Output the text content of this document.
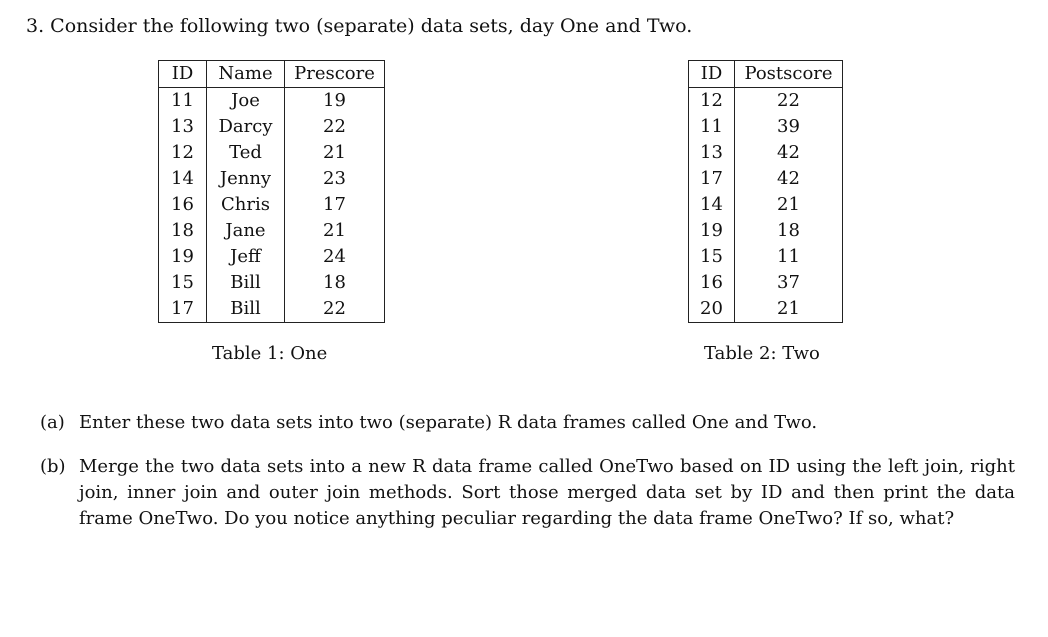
3. Consider the following two (separate) data sets, day One and Two.
ID	Name	Prescore
11	Joe	19
13	Darcy	22
12	Ted	21
14	Jenny	23
16	Chris	17
18	Jane	21
19	Jeff	24
15	Bill	18
17	Bill	22
ID	Postscore
12	22
11	39
13	42
17	42
14	21
19	18
15	11
16	37
20	21
Table 1: One	Table 2: Two
(a) Enter these two data sets into two (separate) R data frames called One and Two.
(b) Merge the two data sets into a new R data frame called OneTwo based on ID using the left join, right join, inner join and outer join methods. Sort those merged data set by ID and then print the data frame OneTwo. Do you notice anything peculiar regarding the data frame OneTwo? If so, what?
